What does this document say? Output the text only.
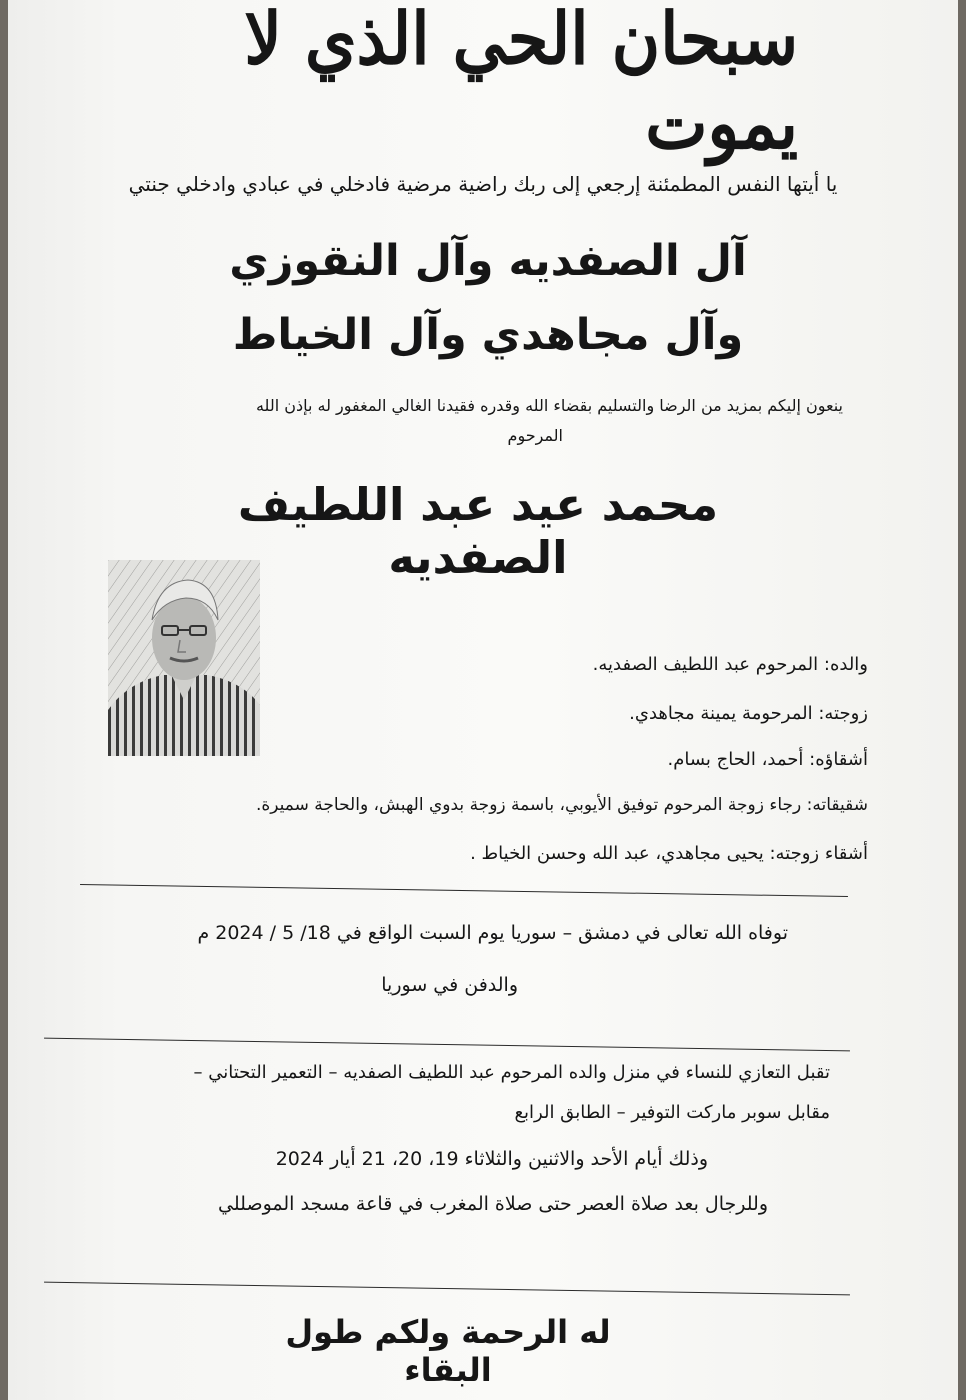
سبحان الحي الذي لا يموت
يا أيتها النفس المطمئنة إرجعي إلى ربك راضية مرضية فادخلي في عبادي وادخلي جنتي
آل الصفديه وآل النقوزي
وآل مجاهدي وآل الخياط
ينعون إليكم بمزيد من الرضا والتسليم بقضاء الله وقدره فقيدنا الغالي المغفور له بإذن الله
المرحوم
محمد عيد عبد اللطيف الصفديه
والده: المرحوم عبد اللطيف الصفديه.
زوجته: المرحومة يمينة مجاهدي.
أشقاؤه: أحمد، الحاج بسام.
شقيقاته: رجاء زوجة المرحوم توفيق الأيوبي، باسمة زوجة بدوي الهبش، والحاجة سميرة.
أشقاء زوجته: يحيى مجاهدي، عبد الله وحسن الخياط .
توفاه الله تعالى في دمشق – سوريا يوم السبت الواقع في 18/ 5 / 2024 م
والدفن في سوريا
تقبل التعازي للنساء في منزل والده المرحوم عبد اللطيف الصفديه – التعمير التحتاني –
مقابل سوبر ماركت التوفير – الطابق الرابع
وذلك أيام الأحد والاثنين والثلاثاء 19، 20، 21 أيار 2024
وللرجال بعد صلاة العصر حتى صلاة المغرب في قاعة مسجد الموصللي
له الرحمة ولكم طول البقاء
